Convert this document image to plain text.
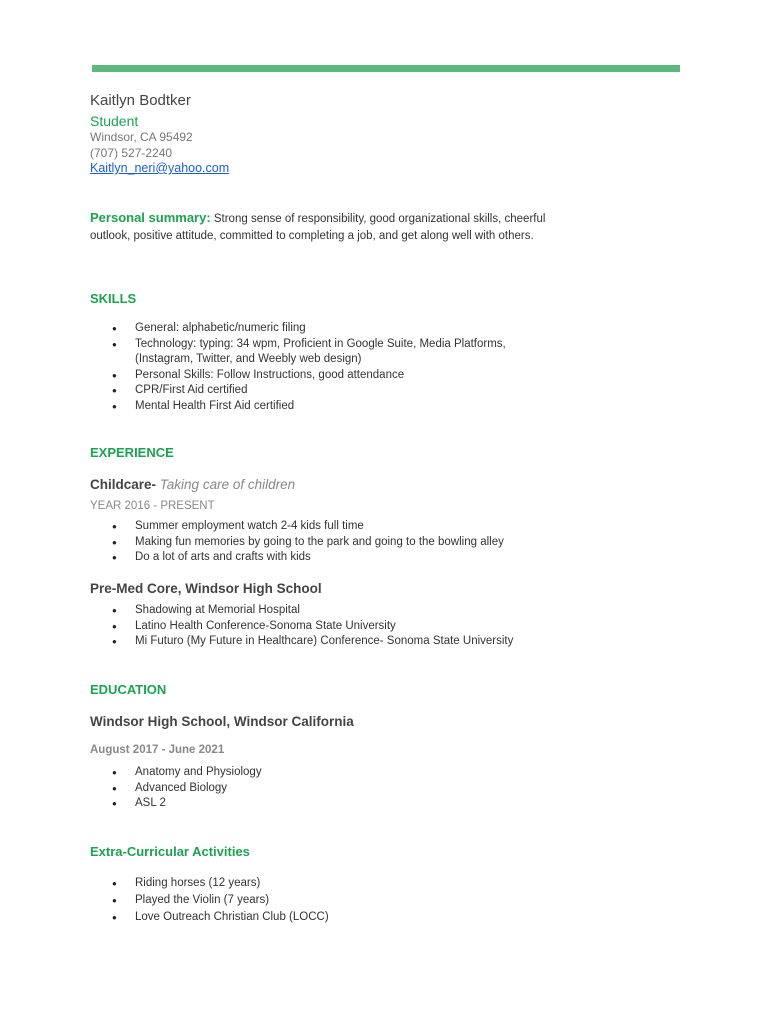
Kaitlyn Bodtker
Student
Windsor, CA 95492
(707) 527-2240
Kaitlyn_neri@yahoo.com
Personal summary: Strong sense of responsibility, good organizational skills, cheerful outlook, positive attitude, committed to completing a job, and get along well with others.
SKILLS
● General: alphabetic/numeric filing
● Technology: typing: 34 wpm, Proficient in Google Suite, Media Platforms, (Instagram, Twitter, and Weebly web design)
● Personal Skills: Follow Instructions, good attendance
● CPR/First Aid certified
● Mental Health First Aid certified
EXPERIENCE
Childcare- Taking care of children
YEAR 2016 - PRESENT
● Summer employment watch 2-4 kids full time
● Making fun memories by going to the park and going to the bowling alley
● Do a lot of arts and crafts with kids
Pre-Med Core, Windsor High School
● Shadowing at Memorial Hospital
● Latino Health Conference-Sonoma State University
● Mi Futuro (My Future in Healthcare) Conference- Sonoma State University
EDUCATION
Windsor High School, Windsor California
August 2017 - June 2021
● Anatomy and Physiology
● Advanced Biology
● ASL 2
Extra-Curricular Activities
● Riding horses (12 years)
● Played the Violin (7 years)
● Love Outreach Christian Club (LOCC)
